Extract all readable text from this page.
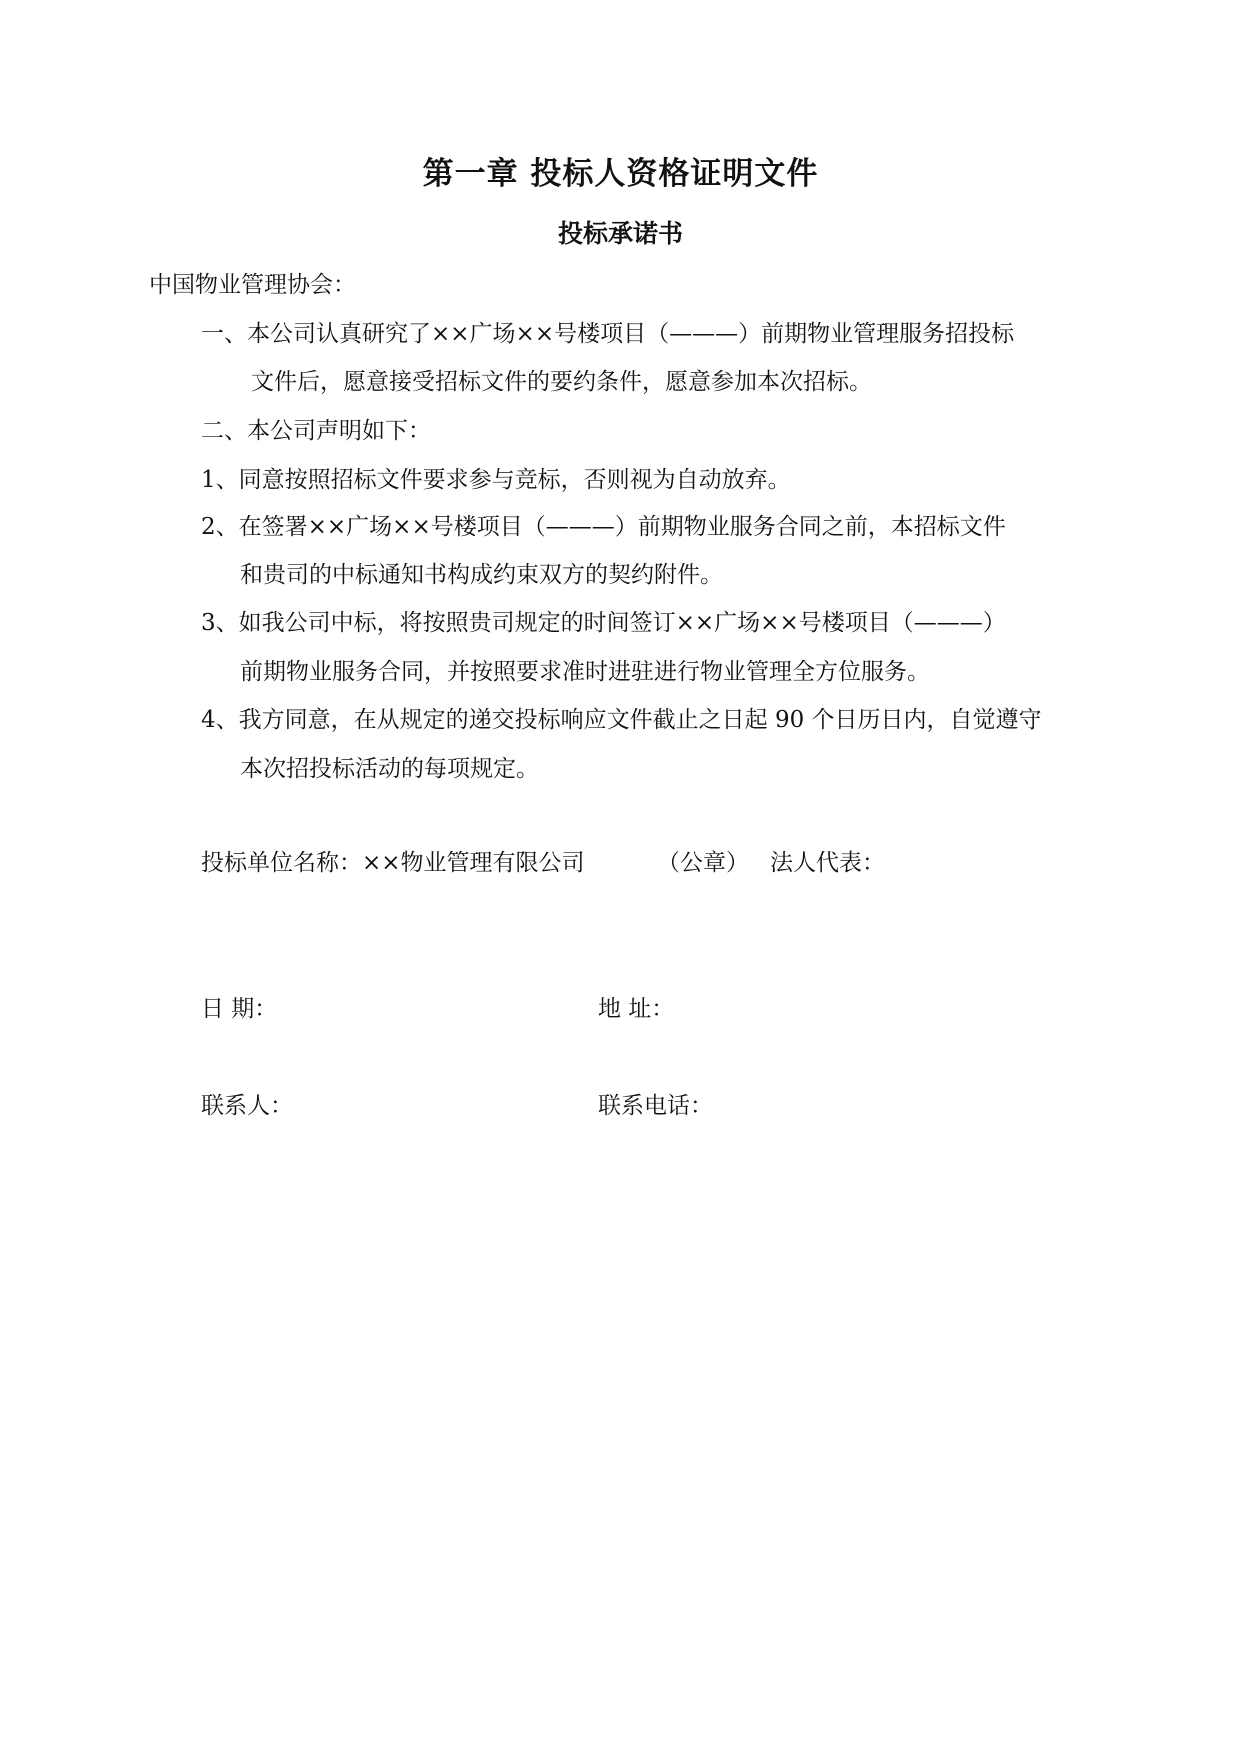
第一章 投标人资格证明文件
投标承诺书
中国物业管理协会：
一、本公司认真研究了××广场××号楼项目（———）前期物业管理服务招投标
文件后，愿意接受招标文件的要约条件，愿意参加本次招标。
二、本公司声明如下：
1、同意按照招标文件要求参与竞标，否则视为自动放弃。
2、在签署××广场××号楼项目（———）前期物业服务合同之前，本招标文件
和贵司的中标通知书构成约束双方的契约附件。
3、如我公司中标，将按照贵司规定的时间签订××广场××号楼项目（———）
前期物业服务合同，并按照要求准时进驻进行物业管理全方位服务。
4、我方同意，在从规定的递交投标响应文件截止之日起 90 个日历日内，自觉遵守
本次招投标活动的每项规定。
投标单位名称：××物业管理有限公司	（公章） 法人代表：
日 期：	地 址：
联系人：	联系电话：
